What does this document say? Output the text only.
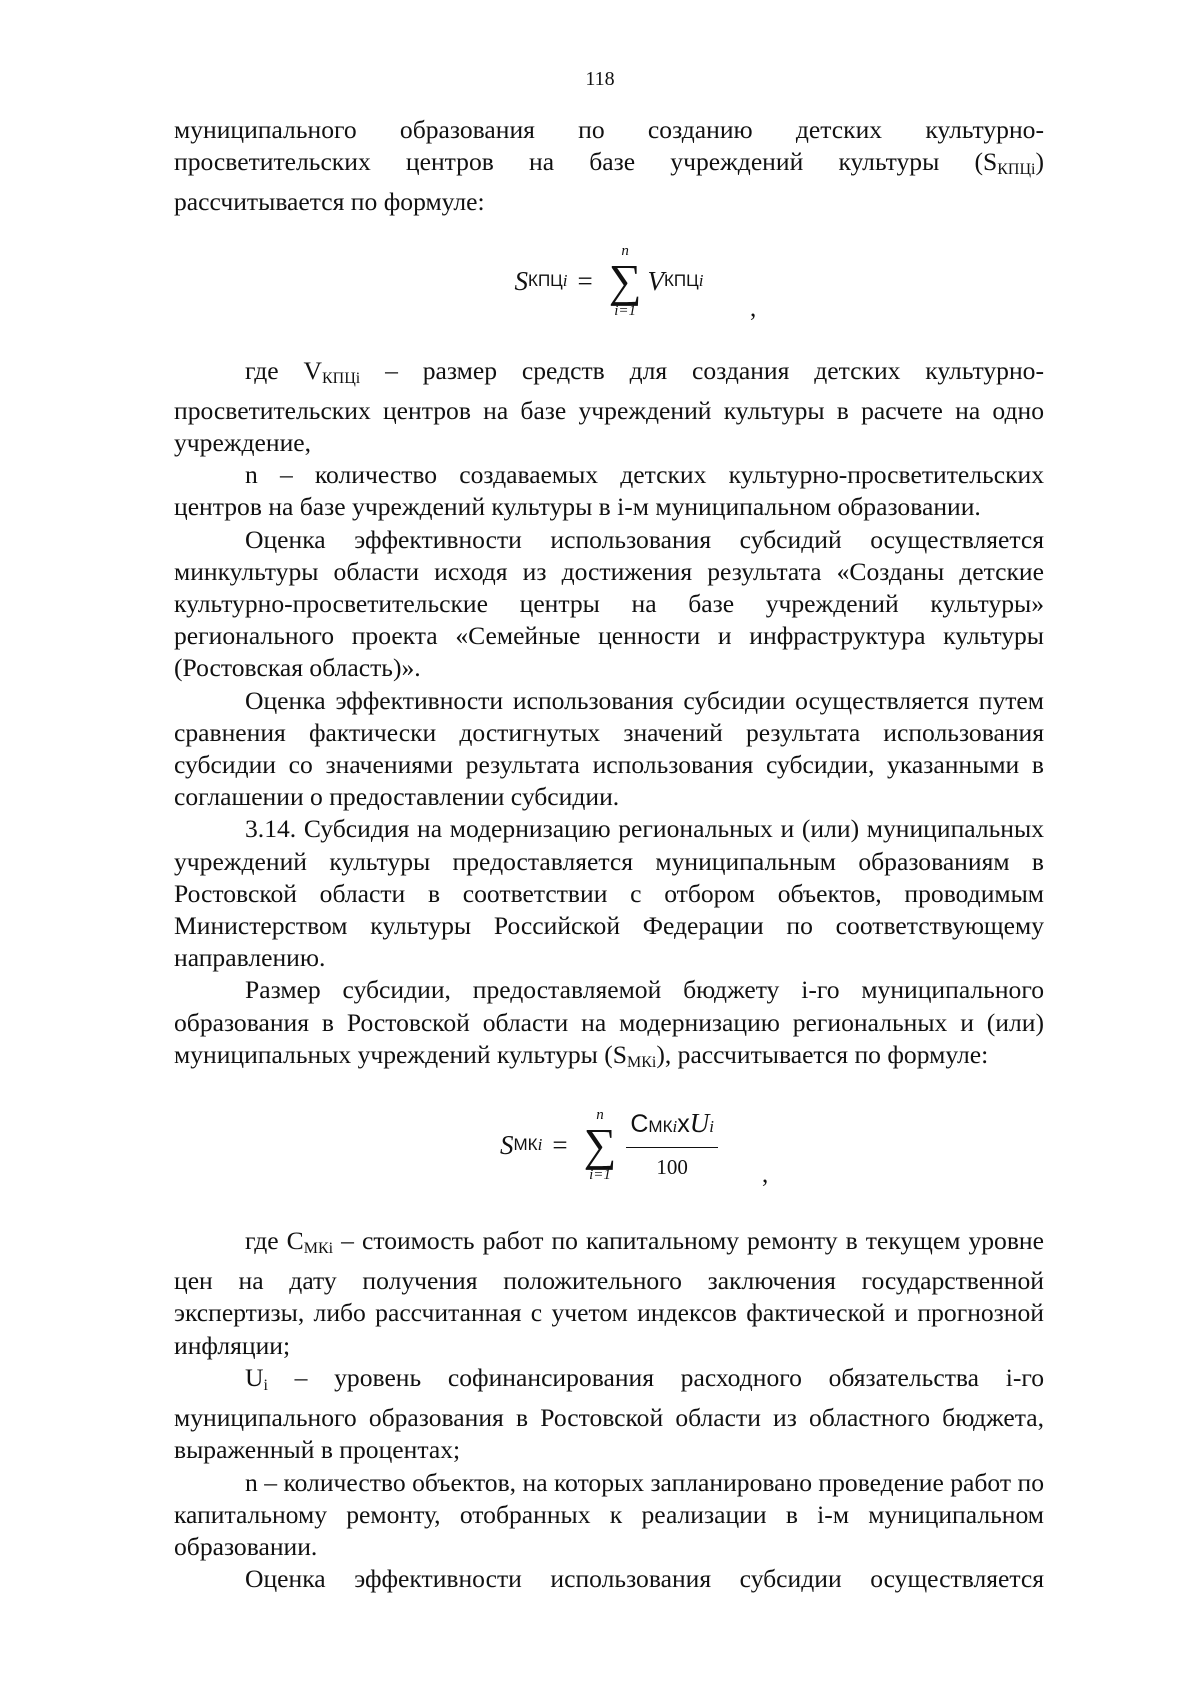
118

муниципального образования по созданию детских культурно-просветительских центров на базе учреждений культуры (SКПЦi) рассчитывается по формуле:

S КПЦi =
n
∑
i=1
V КПЦi
,

где VКПЦi – размер средств для создания детских культурно-просветительских центров на базе учреждений культуры в расчете на одно учреждение,

n – количество создаваемых детских культурно-просветительских центров на базе учреждений культуры в i-м муниципальном образовании.

Оценка эффективности использования субсидий осуществляется минкультуры области исходя из достижения результата «Созданы детские культурно-просветительские центры на базе учреждений культуры» регионального проекта «Семейные ценности и инфраструктура культуры (Ростовская область)».

Оценка эффективности использования субсидии осуществляется путем сравнения фактически достигнутых значений результата использования субсидии со значениями результата использования субсидии, указанными в соглашении о предоставлении субсидии.

3.14. Субсидия на модернизацию региональных и (или) муниципальных учреждений культуры предоставляется муниципальным образованиям в Ростовской области в соответствии с отбором объектов, проводимым Министерством культуры Российской Федерации по соответствующему направлению.

Размер субсидии, предоставляемой бюджету i-го муниципального образования в Ростовской области на модернизацию региональных и (или) муниципальных учреждений культуры (SМКi), рассчитывается по формуле:

S МКi =
n
∑
$i=1 \frac{\text{C МКi x U i}}{100}$ ,

где CМКi – стоимость работ по капитальному ремонту в текущем уровне цен на дату получения положительного заключения государственной экспертизы, либо рассчитанная с учетом индексов фактической и прогнозной инфляции;

Ui – уровень софинансирования расходного обязательства i-го муниципального образования в Ростовской области из областного бюджета, выраженный в процентах;

n – количество объектов, на которых запланировано проведение работ по капитальному ремонту, отобранных к реализации в i-м муниципальном образовании.

Оценка эффективности использования субсидии осуществляется
